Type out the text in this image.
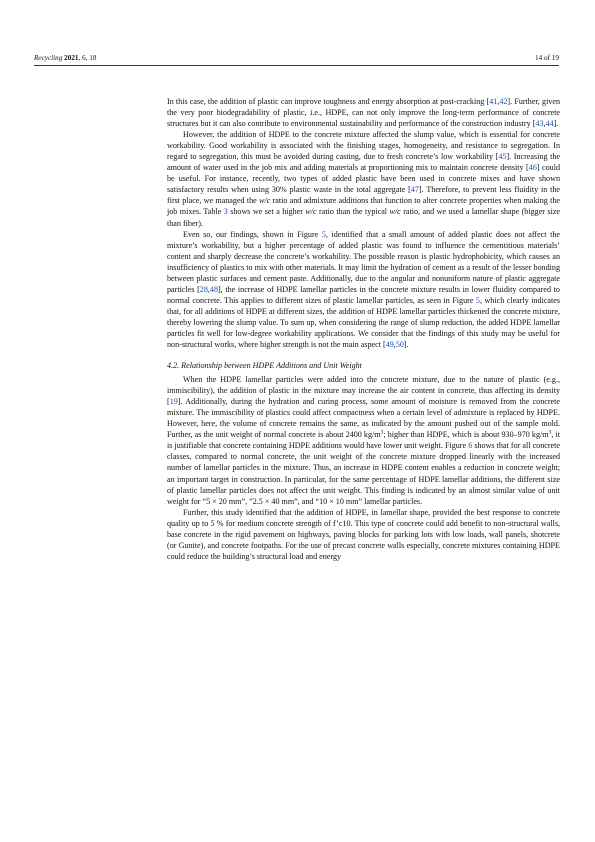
Recycling 2021, 6, 18	14 of 19

In this case, the addition of plastic can improve toughness and energy absorption at post-cracking [41,42]. Further, given the very poor biodegradability of plastic, i.e., HDPE, can not only improve the long-term performance of concrete structures but it can also contribute to environmental sustainability and performance of the construction industry [43,44].

However, the addition of HDPE to the concrete mixture affected the slump value, which is essential for concrete workability. Good workability is associated with the finishing stages, homogeneity, and resistance to segregation. In regard to segregation, this must be avoided during casting, due to fresh concrete’s low workability [45]. Increasing the amount of water used in the job mix and adding materials at proportioning mix to maintain concrete density [46] could be useful. For instance, recently, two types of added plastic have been used in concrete mixes and have shown satisfactory results when using 30% plastic waste in the total aggregate [47]. Therefore, to prevent less fluidity in the first place, we managed the w/c ratio and admixture additions that function to alter concrete properties when making the job mixes. Table 3 shows we set a higher w/c ratio than the typical w/c ratio, and we used a lamellar shape (bigger size than fiber).

Even so, our findings, shown in Figure 5, identified that a small amount of added plastic does not affect the mixture’s workability, but a higher percentage of added plastic was found to influence the cementitious materials’ content and sharply decrease the concrete’s workability. The possible reason is plastic hydrophobicity, which causes an insufficiency of plastics to mix with other materials. It may limit the hydration of cement as a result of the lesser bonding between plastic surfaces and cement paste. Additionally, due to the angular and nonuniform nature of plastic aggregate particles [28,48], the increase of HDPE lamellar particles in the concrete mixture results in lower fluidity compared to normal concrete. This applies to different sizes of plastic lamellar particles, as seen in Figure 5, which clearly indicates that, for all additions of HDPE at different sizes, the addition of HDPE lamellar particles thickened the concrete mixture, thereby lowering the slump value. To sum up, when considering the range of slump reduction, the added HDPE lamellar particles fit well for low-degree workability applications. We consider that the findings of this study may be useful for non-structural works, where higher strength is not the main aspect [49,50].

4.2. Relationship between HDPE Additions and Unit Weight

When the HDPE lamellar particles were added into the concrete mixture, due to the nature of plastic (e.g., immiscibility), the addition of plastic in the mixture may increase the air content in concrete, thus affecting its density [19]. Additionally, during the hydration and curing process, some amount of moisture is removed from the concrete mixture. The immiscibility of plastics could affect compactness when a certain level of admixture is replaced by HDPE. However, here, the volume of concrete remains the same, as indicated by the amount pushed out of the sample mold. Further, as the unit weight of normal concrete is about 2400 $kg/m^3$; higher than HDPE, which is about 930–970 $kg/m^3$, it is justifiable that concrete containing HDPE additions would have lower unit weight. Figure 6 shows that for all concrete classes, compared to normal concrete, the unit weight of the concrete mixture dropped linearly with the increased number of lamellar particles in the mixture. Thus, an increase in HDPE content enables a reduction in concrete weight; an important target in construction. In particular, for the same percentage of HDPE lamellar additions, the different size of plastic lamellar particles does not affect the unit weight. This finding is indicated by an almost similar value of unit weight for “5 × 20 mm”, ”2.5 × 40 mm”, and “10 × 10 mm” lamellar particles.

Further, this study identified that the addition of HDPE, in lamellar shape, provided the best response to concrete quality up to 5 % for medium concrete strength of f’c10. This type of concrete could add benefit to non-structural walls, base concrete in the rigid pavement on highways, paving blocks for parking lots with low loads, wall panels, shotcrete (or Gunite), and concrete footpaths. For the use of precast concrete walls especially, concrete mixtures containing HDPE could reduce the building’s structural load and energy
